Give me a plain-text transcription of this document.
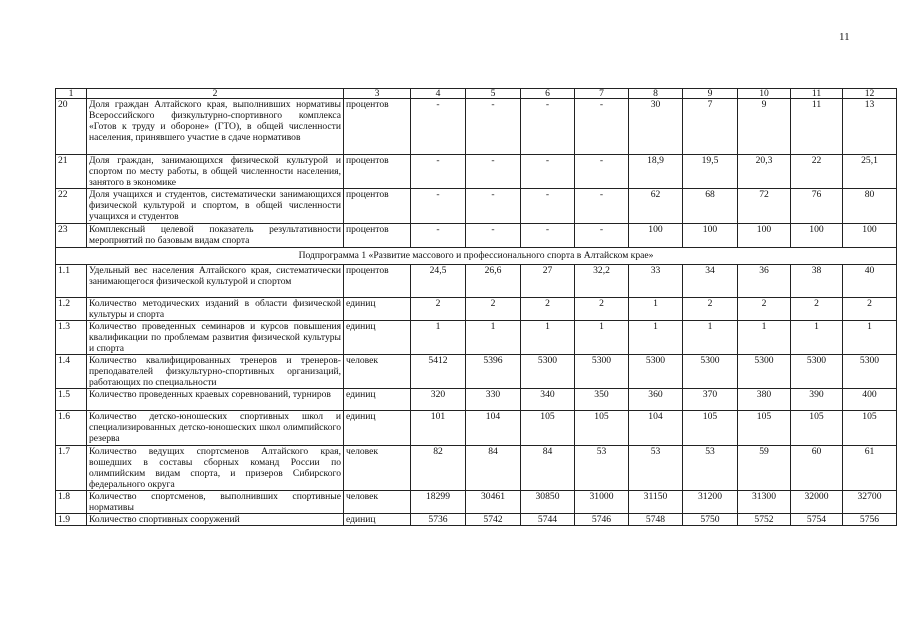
11
1	2	3	4	5	6	7	8	9	10	11	12
20	Доля граждан Алтайского края, выполнивших нормативы Всероссийского физкультурно-спортивного комплекса «Готов к труду и обороне» (ГТО), в общей численности населения, принявшего участие в сдаче нормативов	процентов	-	-	-	-	30	7	9	11	13
21	Доля граждан, занимающихся физической культурой и спортом по месту работы, в общей численности населения, занятого в экономике	процентов	-	-	-	-	18,9	19,5	20,3	22	25,1
22	Доля учащихся и студентов, систематически занимающихся физической культурой и спортом, в общей численности учащихся и студентов	процентов	-	-	-	-	62	68	72	76	80
23	Комплексный целевой показатель результативности мероприятий по базовым видам спорта	процентов	-	-	-	-	100	100	100	100	100
Подпрограмма 1 «Развитие массового и профессионального спорта в Алтайском крае»											
1.1	Удельный вес населения Алтайского края, систематически занимающегося физической культурой и спортом	процентов	24,5	26,6	27	32,2	33	34	36	38	40
1.2	Количество методических изданий в области физической культуры и спорта	единиц	2	2	2	2	1	2	2	2	2
1.3	Количество проведенных семинаров и курсов повышения квалификации по проблемам развития физической культуры и спорта	единиц	1	1	1	1	1	1	1	1	1
1.4	Количество квалифицированных тренеров и тренеров-преподавателей физкультурно-спортивных организаций, работающих по специальности	человек	5412	5396	5300	5300	5300	5300	5300	5300	5300
1.5	Количество проведенных краевых соревнований, турниров	единиц	320	330	340	350	360	370	380	390	400
1.6	Количество детско-юношеских спортивных школ и специализированных детско-юношеских школ олимпийского резерва	единиц	101	104	105	105	104	105	105	105	105
1.7	Количество ведущих спортсменов Алтайского края, вошедших в составы сборных команд России по олимпийским видам спорта, и призеров Сибирского федерального округа	человек	82	84	84	53	53	53	59	60	61
1.8	Количество спортсменов, выполнивших спортивные нормативы	человек	18299	30461	30850	31000	31150	31200	31300	32000	32700
1.9	Количество спортивных сооружений	единиц	5736	5742	5744	5746	5748	5750	5752	5754	5756
